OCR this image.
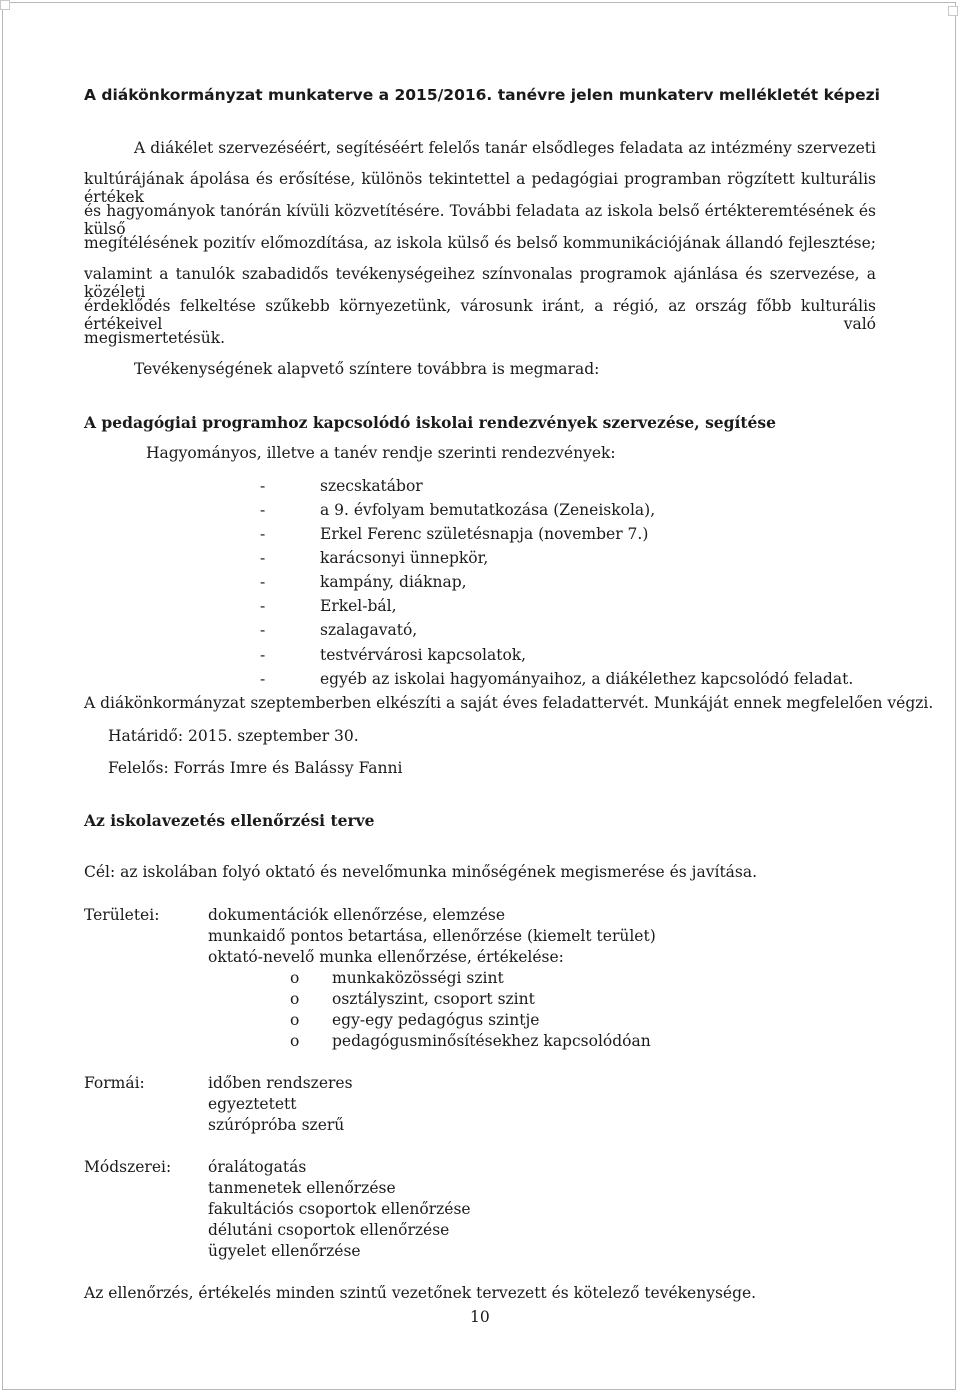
A diákönkormányzat munkaterve a 2015/2016. tanévre jelen munkaterv mellékletét képezi
A diákélet szervezéséért, segítéséért felelős tanár elsődleges feladata az intézmény szervezeti
kultúrájának ápolása és erősítése, különös tekintettel a pedagógiai programban rögzített kulturális értékek
és hagyományok tanórán kívüli közvetítésére. További feladata az iskola belső értékteremtésének és külső
megítélésének pozitív előmozdítása, az iskola külső és belső kommunikációjának állandó fejlesztése;
valamint a tanulók szabadidős tevékenységeihez színvonalas programok ajánlása és szervezése, a közéleti
érdeklődés felkeltése szűkebb környezetünk, városunk iránt, a régió, az ország főbb kulturális értékeivel való
megismertetésük.
Tevékenységének alapvető színtere továbbra is megmarad:
A pedagógiai programhoz kapcsolódó iskolai rendezvények szervezése, segítése
Hagyományos, illetve a tanév rendje szerinti rendezvények:
-	szecskatábor
-	a 9. évfolyam bemutatkozása (Zeneiskola),
-	Erkel Ferenc születésnapja (november 7.)
-	karácsonyi ünnepkör,
-	kampány, diáknap,
-	Erkel-bál,
-	szalagavató,
-	testvérvárosi kapcsolatok,
-	egyéb az iskolai hagyományaihoz, a diákélethez kapcsolódó feladat.
A diákönkormányzat szeptemberben elkészíti a saját éves feladattervét. Munkáját ennek megfelelően végzi.
Határidő: 2015. szeptember 30.
Felelős: Forrás Imre és Balássy Fanni
Az iskolavezetés ellenőrzési terve
Cél: az iskolában folyó oktató és nevelőmunka minőségének megismerése és javítása.
Területei:	dokumentációk ellenőrzése, elemzése
munkaidő pontos betartása, ellenőrzése (kiemelt terület)
oktató-nevelő munka ellenőrzése, értékelése:
o munkaközösségi szint
o osztályszint, csoport szint
o egy-egy pedagógus szintje
o pedagógusminősítésekhez kapcsolódóan
Formái:	időben rendszeres
egyeztetett
szúrópróba szerű
Módszerei: óralátogatás
tanmenetek ellenőrzése
fakultációs csoportok ellenőrzése
délutáni csoportok ellenőrzése
ügyelet ellenőrzése
Az ellenőrzés, értékelés minden szintű vezetőnek tervezett és kötelező tevékenysége.
10
